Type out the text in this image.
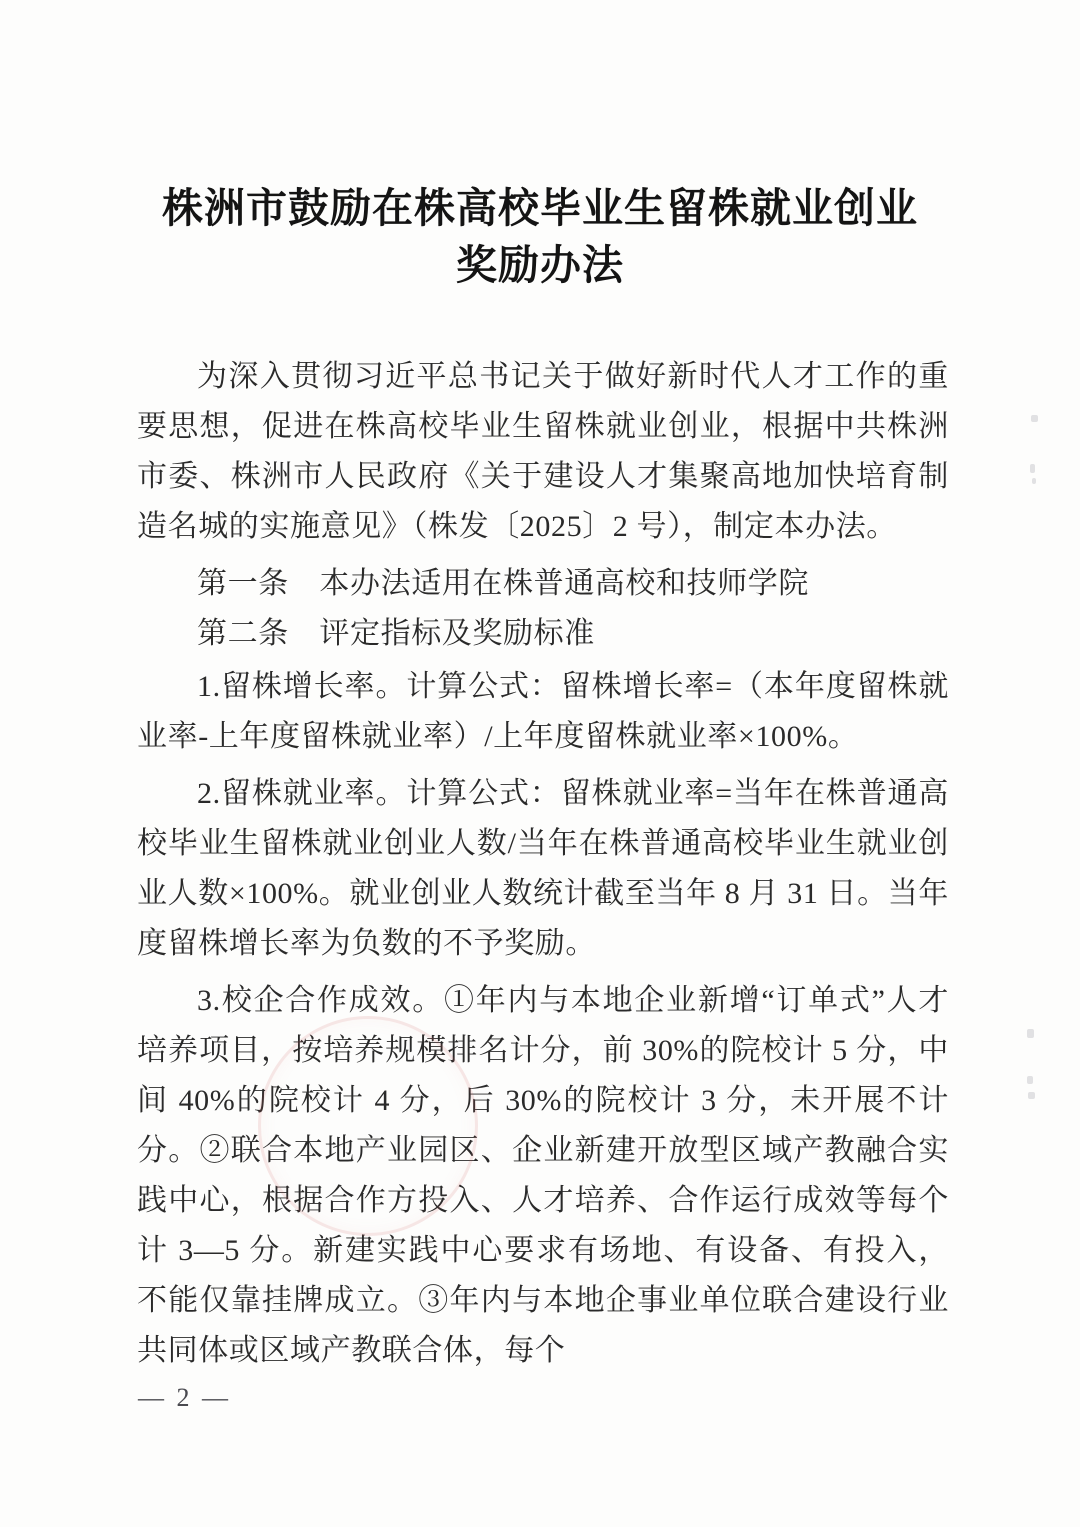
株洲市鼓励在株高校毕业生留株就业创业
奖励办法

为深入贯彻习近平总书记关于做好新时代人才工作的重要思想，促进在株高校毕业生留株就业创业，根据中共株洲市委、株洲市人民政府《关于建设人才集聚高地加快培育制造名城的实施意见》（株发〔2025〕2 号），制定本办法。

第一条　本办法适用在株普通高校和技师学院

第二条　评定指标及奖励标准

1.留株增长率。计算公式：留株增长率=（本年度留株就业率-上年度留株就业率）/上年度留株就业率×100%。

2.留株就业率。计算公式：留株就业率=当年在株普通高校毕业生留株就业创业人数/当年在株普通高校毕业生就业创业人数×100%。就业创业人数统计截至当年 8 月 31 日。当年度留株增长率为负数的不予奖励。

3.校企合作成效。①年内与本地企业新增“订单式”人才培养项目，按培养规模排名计分，前 30%的院校计 5 分，中间 40%的院校计 4 分，后 30%的院校计 3 分，未开展不计分。②联合本地产业园区、企业新建开放型区域产教融合实践中心，根据合作方投入、人才培养、合作运行成效等每个计 3—5 分。新建实践中心要求有场地、有设备、有投入，不能仅靠挂牌成立。③年内与本地企事业单位联合建设行业共同体或区域产教联合体，每个

— 2 —
